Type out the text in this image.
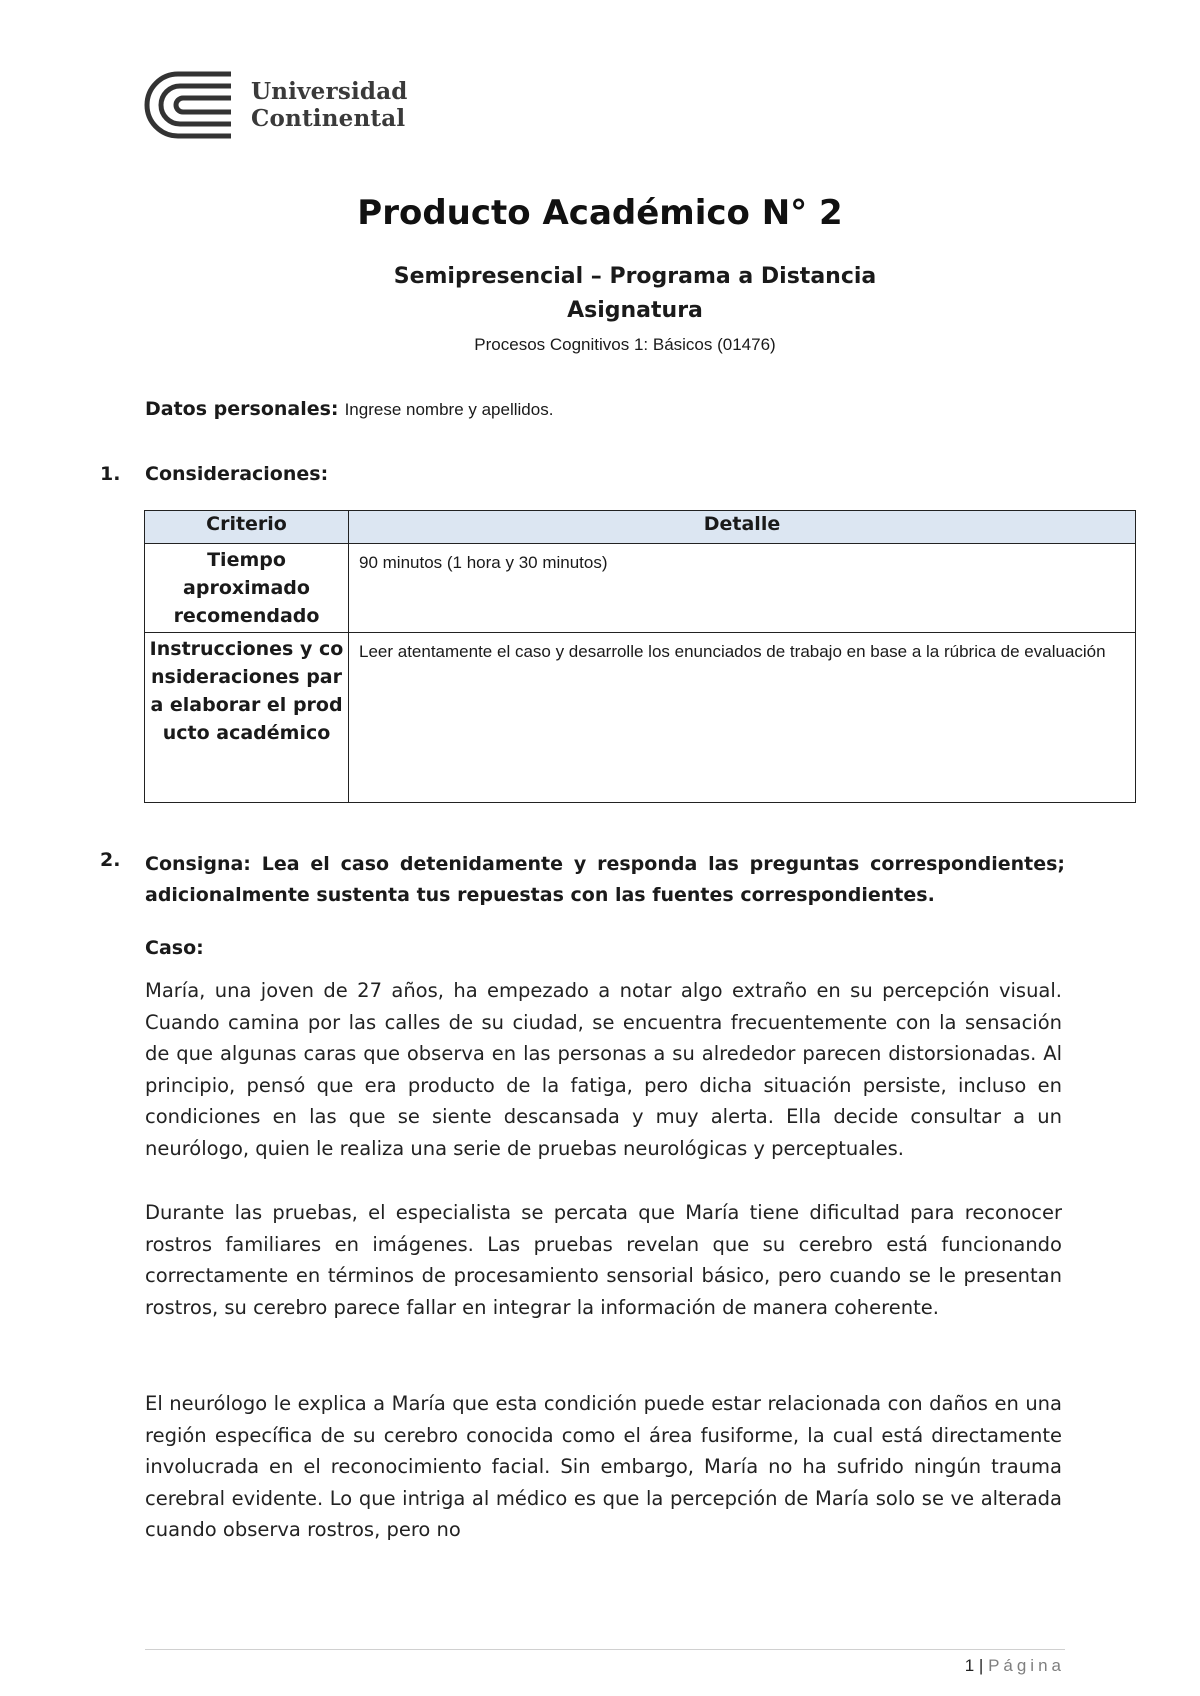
Universidad
Continental
Producto Académico N° 2
Semipresencial – Programa a Distancia
Asignatura
Procesos Cognitivos 1: Básicos (01476)
Datos personales: Ingrese nombre y apellidos.
1. Consideraciones:
Criterio	Detalle
Tiempo aproximado recomendado	90 minutos (1 hora y 30 minutos)
Instrucciones y consideraciones para elaborar el producto académico	Leer atentamente el caso y desarrolle los enunciados de trabajo en base a la rúbrica de evaluación
2. Consigna: Lea el caso detenidamente y responda las preguntas correspondientes; adicionalmente sustenta tus repuestas con las fuentes correspondientes.
Caso:
María, una joven de 27 años, ha empezado a notar algo extraño en su percepción visual. Cuando camina por las calles de su ciudad, se encuentra frecuentemente con la sensación de que algunas caras que observa en las personas a su alrededor parecen distorsionadas. Al principio, pensó que era producto de la fatiga, pero dicha situación persiste, incluso en condiciones en las que se siente descansada y muy alerta. Ella decide consultar a un neurólogo, quien le realiza una serie de pruebas neurológicas y perceptuales.
Durante las pruebas, el especialista se percata que María tiene dificultad para reconocer rostros familiares en imágenes. Las pruebas revelan que su cerebro está funcionando correctamente en términos de procesamiento sensorial básico, pero cuando se le presentan rostros, su cerebro parece fallar en integrar la información de manera coherente.
El neurólogo le explica a María que esta condición puede estar relacionada con daños en una región específica de su cerebro conocida como el área fusiforme, la cual está directamente involucrada en el reconocimiento facial. Sin embargo, María no ha sufrido ningún trauma cerebral evidente. Lo que intriga al médico es que la percepción de María solo se ve alterada cuando observa rostros, pero no
1 | Página
